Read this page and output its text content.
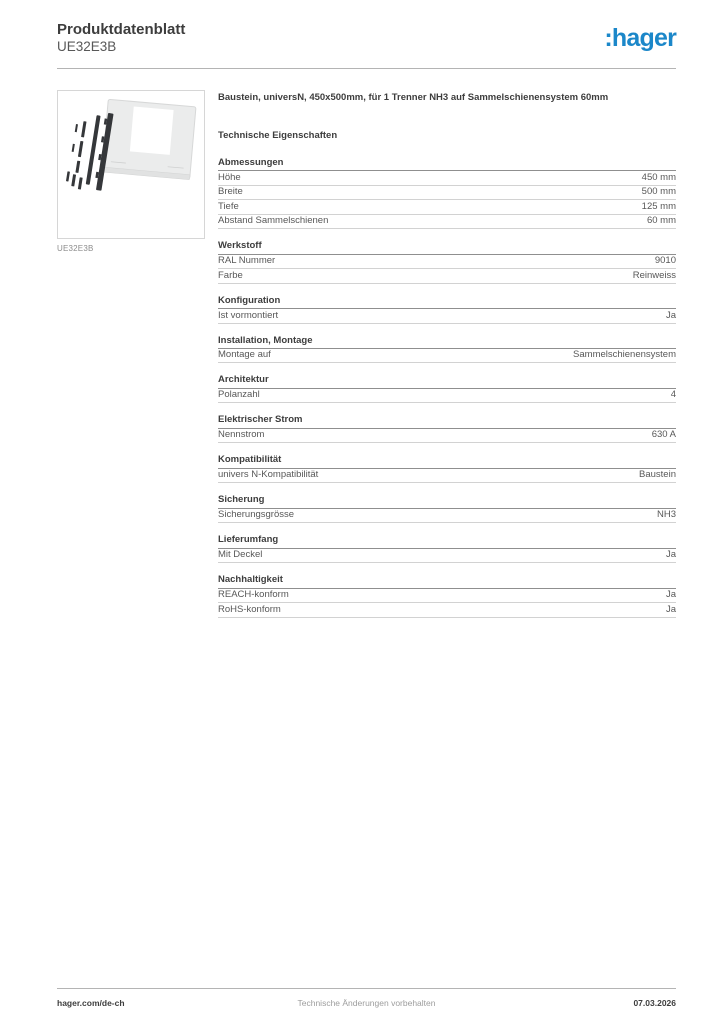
Produktdatenblatt
UE32E3B	:hager
UE32E3B

Baustein, universN, 450x500mm, für 1 Trenner NH3 auf Sammelschienensystem 60mm

Technische Eigenschaften
Abmessungen
Höhe	450 mm
Breite	500 mm
Tiefe	125 mm
Abstand Sammelschienen	60 mm
Werkstoff
RAL Nummer	9010
Farbe	Reinweiss
Konfiguration
Ist vormontiert	Ja
Installation, Montage
Montage auf	Sammelschienensystem
Architektur
Polanzahl	4
Elektrischer Strom
Nennstrom	630 A
Kompatibilität
univers N-Kompatibilität	Baustein
Sicherung
Sicherungsgrösse	NH3
Lieferumfang
Mit Deckel	Ja
Nachhaltigkeit
REACH-konform	Ja
RoHS-konform	Ja
hager.com/de-ch	Technische Änderungen vorbehalten	07.03.2026
